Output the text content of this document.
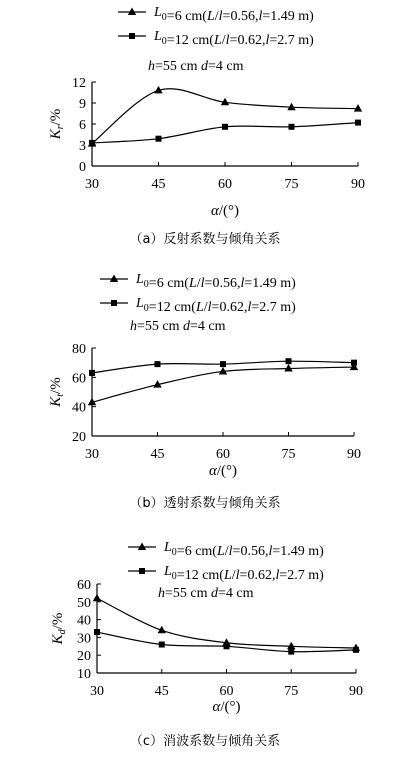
$L_0=6$ cm(L/l=0.56,l=1.49 m)
$L_0=12$ cm(L/l=0.62,l=2.7 m)
h=55 cm d=4 cm
0
3
6
9
12
30	45	60	75	90
$K_r/\%$
α/(°)
（a）反射系数与倾角关系
$L_0=6$ cm(L/l=0.56,l=1.49 m)
$L_0=12$ cm(L/l=0.62,l=2.7 m)
h=55 cm d=4 cm
20
40
60
80
30	45	60	75	90
$K_t/\%$
α/(°)
（b）透射系数与倾角关系
$L_0=6$ cm(L/l=0.56,l=1.49 m)
$L_0=12$ cm(L/l=0.62,l=2.7 m)
h=55 cm d=4 cm
10
20
30
40
50
60
30	45	60	75	90
$K_d/\%$
α/(°)
（c）消波系数与倾角关系
